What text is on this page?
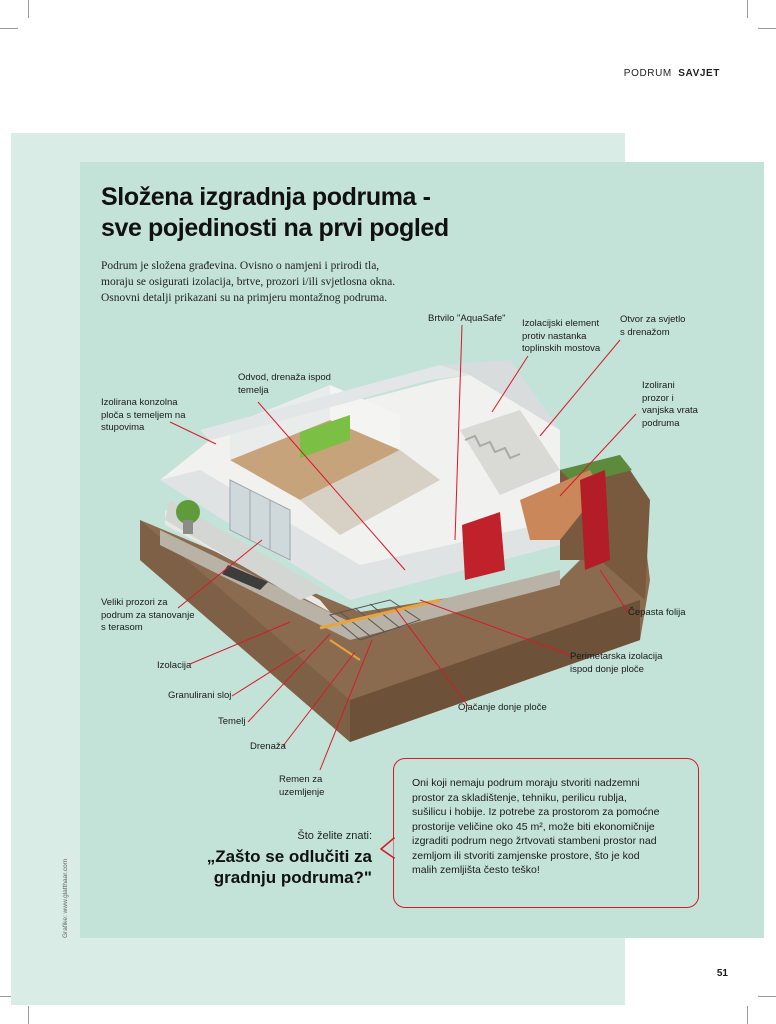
PODRUM SAVJET
Složena izgradnja podruma -
sve pojedinosti na prvi pogled
Podrum je složena građevina. Ovisno o namjeni i prirodi tla,
moraju se osigurati izolacija, brtve, prozori i/ili svjetlosna okna.
Osnovni detalji prikazani su na primjeru montažnog podruma.
Brtvilo "AquaSafe" Izolacijski element
protiv nastanka
toplinskih mostova
Otvor za svjetlo
s drenažom
Odvod, drenaža ispod
temelja
Izolirana konzolna
ploča s temeljem na
stupovima
Izolirani
prozor i
vanjska vrata
podruma
Čepasta folija
Veliki prozori za
podrum za stanovanje
s terasom
Perimetarska izolacija
ispod donje ploče
Izolacija
Granulirani sloj
Ojačanje donje ploče
Temelj
Drenaža
Remen za
uzemljenje
Što želite znati:
„Zašto se odlučiti za
gradnju podruma?"
Oni koji nemaju podrum moraju stvoriti nadzemni
prostor za skladištenje, tehniku, perilicu rublja,
sušilicu i hobije. Iz potrebe za prostorom za pomoćne
prostorije veličine oko 45 m², može biti ekonomičnije
izgraditi podrum nego žrtvovati stambeni prostor nad
zemljom ili stvoriti zamjenske prostore, što je kod
malih zemljišta često teško!
Grafike: www.glatthaar.com
51
